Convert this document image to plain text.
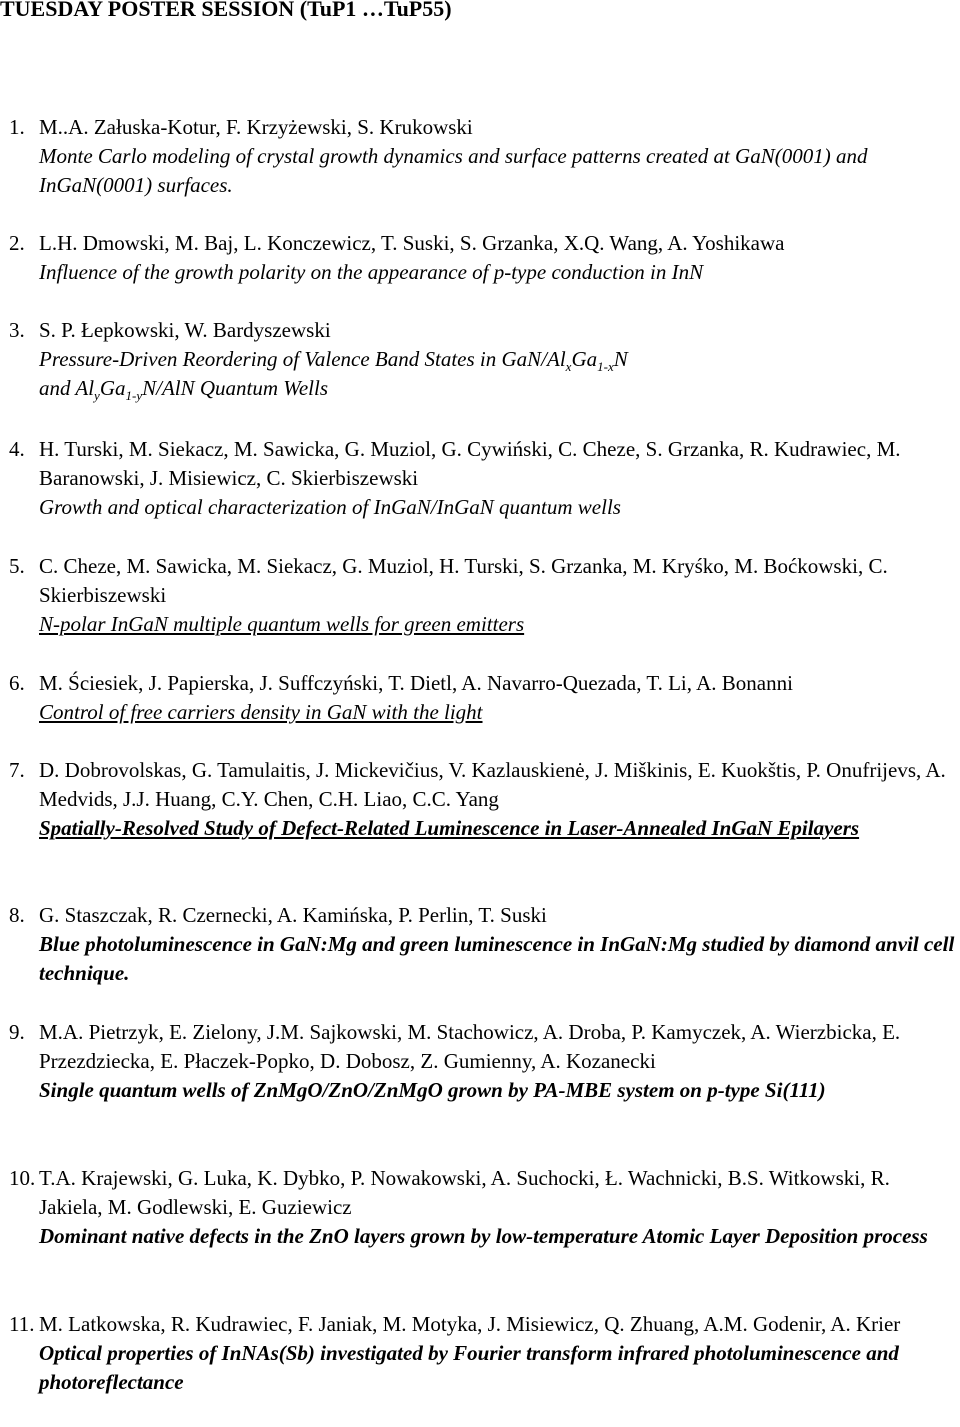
TUESDAY POSTER SESSION (TuP1 …TuP55)
1. M..A. Załuska-Kotur, F. Krzyżewski, S. Krukowski

Monte Carlo modeling of crystal growth dynamics and surface patterns created at GaN(0001) and InGaN(0001) surfaces.

2. L.H. Dmowski, M. Baj, L. Konczewicz, T. Suski, S. Grzanka, X.Q. Wang, A. Yoshikawa

Influence of the growth polarity on the appearance of p-type conduction in InN

3. S. P. Łepkowski, W. Bardyszewski

Pressure-Driven Reordering of Valence Band States in GaN/$Al_xGa_{1-x}N$
and $Al_yGa_{1-y}N$/AlN Quantum Wells

4. H. Turski, M. Siekacz, M. Sawicka, G. Muziol, G. Cywiński, C. Cheze, S. Grzanka, R. Kudrawiec, M. Baranowski, J. Misiewicz, C. Skierbiszewski

Growth and optical characterization of InGaN/InGaN quantum wells

5. C. Cheze, M. Sawicka, M. Siekacz, G. Muziol, H. Turski, S. Grzanka, M. Kryśko, M. Boćkowski, C. Skierbiszewski

N-polar InGaN multiple quantum wells for green emitters

6. M. Ściesiek, J. Papierska, J. Suffczyński, T. Dietl, A. Navarro-Quezada, T. Li, A. Bonanni

Control of free carriers density in GaN with the light

7. D. Dobrovolskas, G. Tamulaitis, J. Mickevičius, V. Kazlauskienė, J. Miškinis, E. Kuokštis, P. Onufrijevs, A. Medvids, J.J. Huang, C.Y. Chen, C.H. Liao, C.C. Yang

Spatially-Resolved Study of Defect-Related Luminescence in Laser-Annealed InGaN Epilayers

8. G. Staszczak, R. Czernecki, A. Kamińska, P. Perlin, T. Suski

Blue photoluminescence in GaN:Mg and green luminescence in InGaN:Mg studied by diamond anvil cell technique.

9. M.A. Pietrzyk, E. Zielony, J.M. Sajkowski, M. Stachowicz, A. Droba, P. Kamyczek, A. Wierzbicka, E. Przezdziecka, E. Płaczek-Popko, D. Dobosz, Z. Gumienny, A. Kozanecki

Single quantum wells of ZnMgO/ZnO/ZnMgO grown by PA-MBE system on p-type Si(111)

10. T.A. Krajewski, G. Luka, K. Dybko, P. Nowakowski, A. Suchocki, Ł. Wachnicki, B.S. Witkowski, R. Jakiela, M. Godlewski, E. Guziewicz

Dominant native defects in the ZnO layers grown by low-temperature Atomic Layer Deposition process

11. M. Latkowska, R. Kudrawiec, F. Janiak, M. Motyka, J. Misiewicz, Q. Zhuang, A.M. Godenir, A. Krier

Optical properties of InNAs(Sb) investigated by Fourier transform infrared photoluminescence and photoreflectance
